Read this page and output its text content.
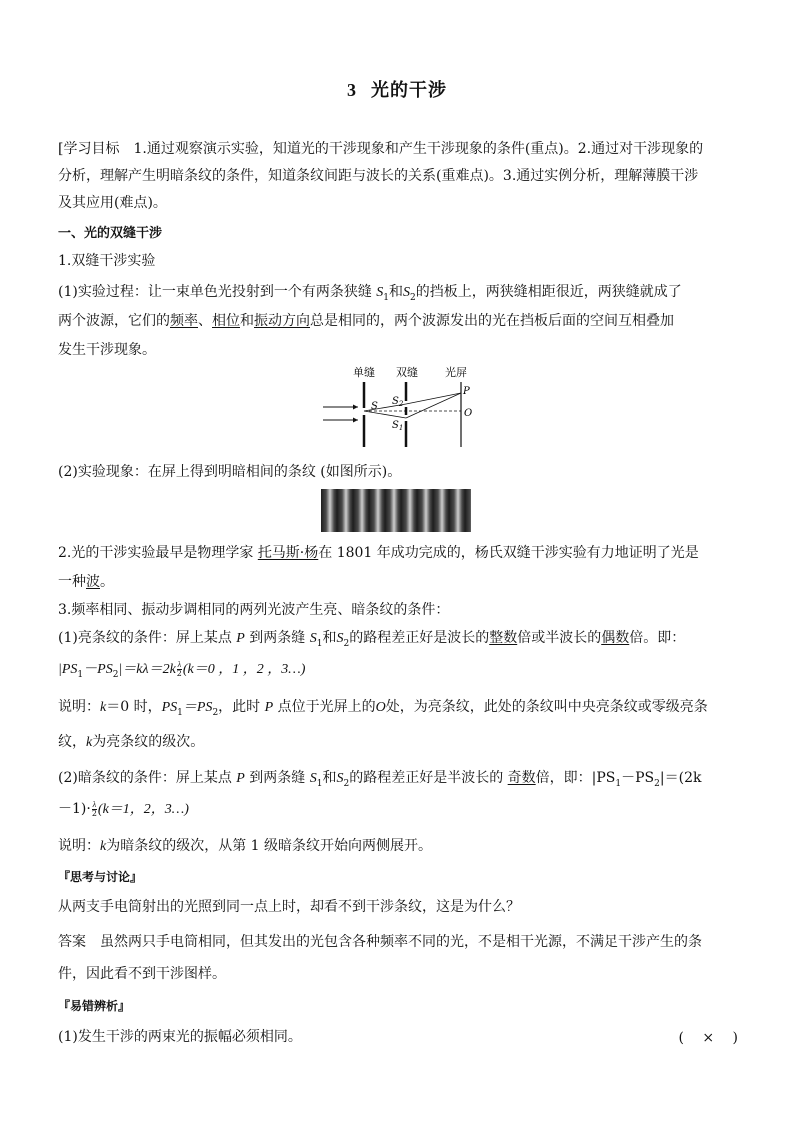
3 光的干涉
[学习目标　1.通过观察演示实验，知道光的干涉现象和产生干涉现象的条件(重点)。2.通过对干涉现象的
分析，理解产生明暗条纹的条件，知道条纹间距与波长的关系(重难点)。3.通过实例分析，理解薄膜干涉
及其应用(难点)。
一、光的双缝干涉
1.双缝干涉实验
(1)实验过程：让一束单色光投射到一个有两条狭缝 $S_1$和$S_2$的挡板上，两狭缝相距很近，两狭缝就成了
两个波源，它们的频率、相位和振动方向总是相同的，两个波源发出的光在挡板后面的空间互相叠加
发生干涉现象。
单缝 双缝 光屏
S $S_2$
$S_1$
P
O
(2)实验现象：在屏上得到明暗相间的条纹 (如图所示)。
2.光的干涉实验最早是物理学家 托马斯·杨在 1801 年成功完成的，杨氏双缝干涉实验有力地证明了光是
一种波。
3.频率相同、振动步调相同的两列光波产生亮、暗条纹的条件：
(1)亮条纹的条件：屏上某点 P 到两条缝 $S_1$和$S_2$的路程差正好是波长的整数倍或半波长的偶数倍。即：
$|PS_1-PS_2|=k\lambda=2k \frac{\lambda}{2} (k=0$ ，1 ，2 ，3…)
说明：k＝0 时，$PS_1=PS_2$，此时 P 点位于光屏上的O处，为亮条纹，此处的条纹叫中央亮条纹或零级亮条
纹，k为亮条纹的级次。
(2)暗条纹的条件：屏上某点 P 到两条缝 $S_1$和$S_2$的路程差正好是半波长的 奇数倍，即：$|PS_1-PS_2|=(2k$
$-1)\cdot \frac{\lambda}{2} (k=1$，2，3…)
说明：k为暗条纹的级次，从第 1 级暗条纹开始向两侧展开。
『思考与讨论』
从两支手电筒射出的光照到同一点上时，却看不到干涉条纹，这是为什么？
答案　虽然两只手电筒相同，但其发出的光包含各种频率不同的光，不是相干光源，不满足干涉产生的条
件，因此看不到干涉图样。
『易错辨析』
(1)发生干涉的两束光的振幅必须相同。	( 　×　 )
